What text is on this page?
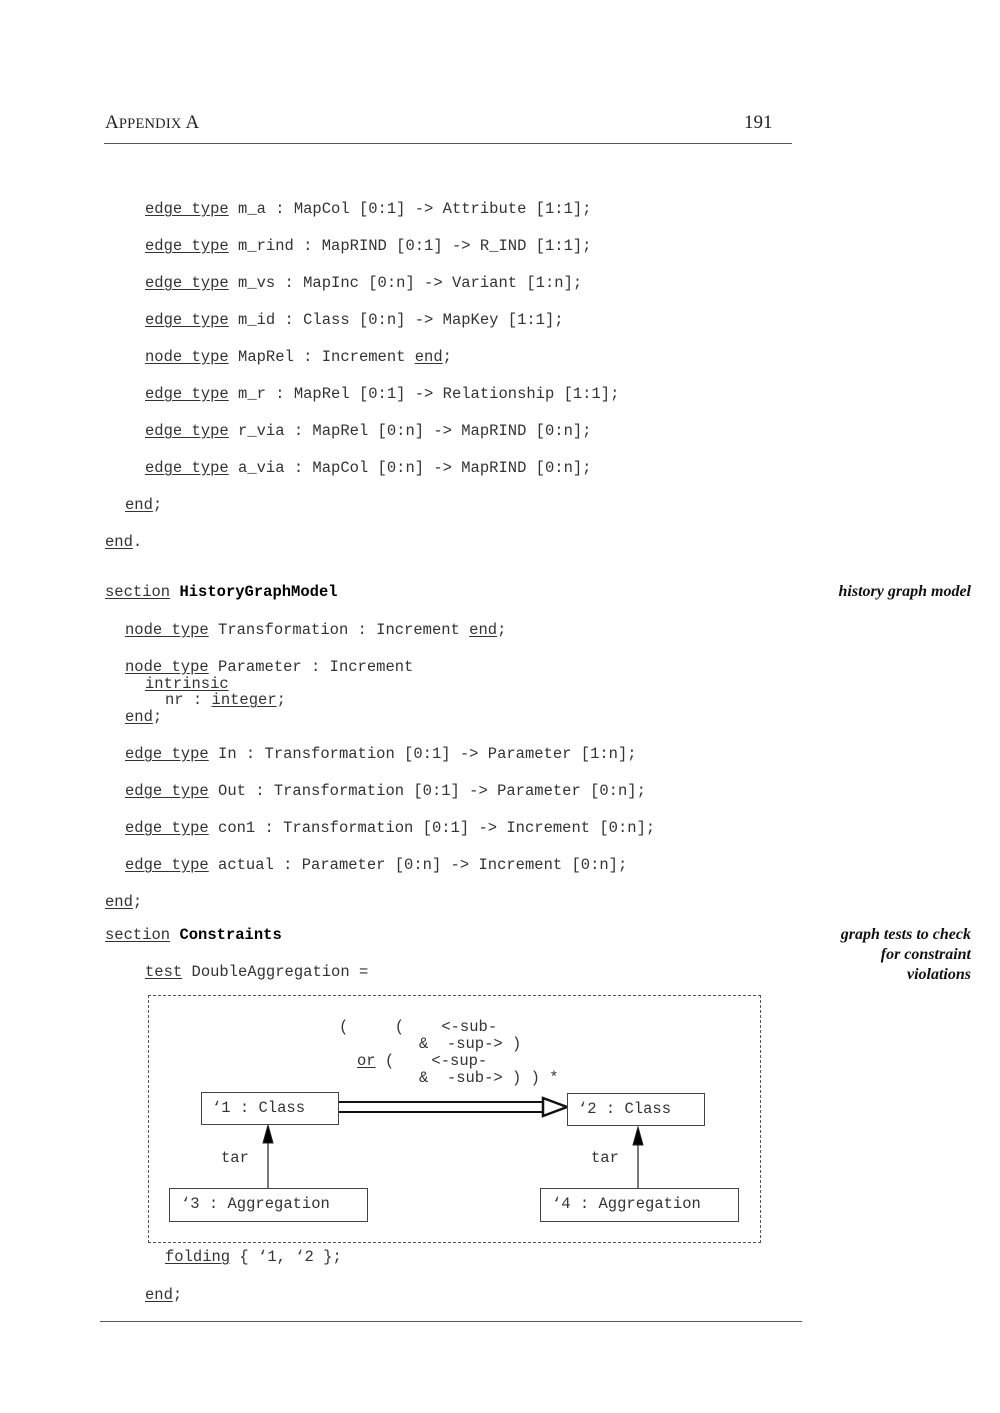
APPENDIX A	191
edge type m_a : MapCol [0:1] -> Attribute [1:1];
edge type m_rind : MapRIND [0:1] -> R_IND [1:1];
edge type m_vs : MapInc [0:n] -> Variant [1:n];
edge type m_id : Class [0:n] -> MapKey [1:1];
node type MapRel : Increment end;
edge type m_r : MapRel [0:1] -> Relationship [1:1];
edge type r_via : MapRel [0:n] -> MapRIND [0:n];
edge type a_via : MapCol [0:n] -> MapRIND [0:n];
end;
end.
section HistoryGraphModel	history graph model
node type Transformation : Increment end;
node type Parameter : Increment
intrinsic
nr : integer;
end;
edge type In : Transformation [0:1] -> Parameter [1:n];
edge type Out : Transformation [0:1] -> Parameter [0:n];
edge type con1 : Transformation [0:1] -> Increment [0:n];
edge type actual : Parameter [0:n] -> Increment [0:n];
end;
section Constraints	graph tests to check
for constraint
violations
test DoubleAggregation =
(     (    <-sub-
&  -sup-> )
or (    <-sup-
&  -sub-> ) ) *
‘1 : Class	‘2 : Class
tar	tar
‘3 : Aggregation	‘4 : Aggregation
folding { ‘1, ‘2 };
end;
